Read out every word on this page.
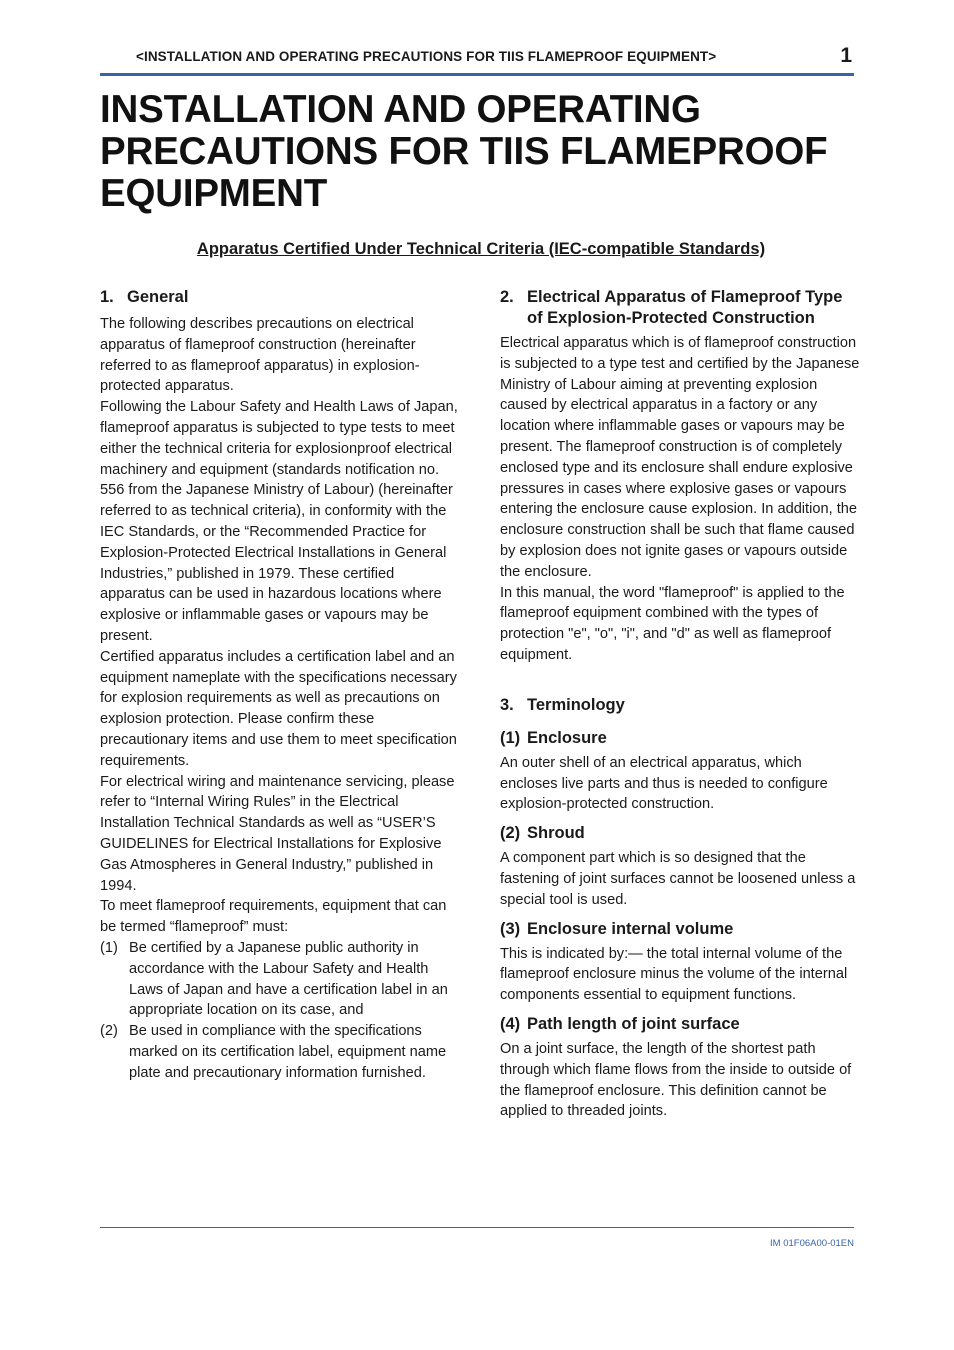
<INSTALLATION AND OPERATING PRECAUTIONS FOR TIIS FLAMEPROOF EQUIPMENT>	1
INSTALLATION AND OPERATING PRECAUTIONS FOR TIIS FLAMEPROOF EQUIPMENT
Apparatus Certified Under Technical Criteria (IEC-compatible Standards)
1. General

The following describes precautions on electrical apparatus of flameproof construction (hereinafter referred to as flameproof apparatus) in explosion-protected apparatus.

Following the Labour Safety and Health Laws of Japan, flameproof apparatus is subjected to type tests to meet either the technical criteria for explosionproof electrical machinery and equipment (standards notification no. 556 from the Japanese Ministry of Labour) (hereinafter referred to as technical criteria), in conformity with the IEC Standards, or the “Recommended Practice for Explosion-Protected Electrical Installations in General Industries,” published in 1979. These certified apparatus can be used in hazardous locations where explosive or inflammable gases or vapours may be present.

Certified apparatus includes a certification label and an equipment nameplate with the specifications necessary for explosion requirements as well as precautions on explosion protection. Please confirm these precautionary items and use them to meet specification requirements.

For electrical wiring and maintenance servicing, please refer to “Internal Wiring Rules” in the Electrical Installation Technical Standards as well as “USER’S GUIDELINES for Electrical Installations for Explosive Gas Atmospheres in General Industry,” published in 1994.

To meet flameproof requirements, equipment that can be termed “flameproof” must:

(1) Be certified by a Japanese public authority in accordance with the Labour Safety and Health Laws of Japan and have a certification label in an appropriate location on its case, and
(2) Be used in compliance with the specifications marked on its certification label, equipment name plate and precautionary information furnished.
2. Electrical Apparatus of Flameproof Type of Explosion-Protected Construction

Electrical apparatus which is of flameproof construction is subjected to a type test and certified by the Japanese Ministry of Labour aiming at preventing explosion caused by electrical apparatus in a factory or any location where inflammable gases or vapours may be present. The flameproof construction is of completely enclosed type and its enclosure shall endure explosive pressures in cases where explosive gases or vapours entering the enclosure cause explosion. In addition, the enclosure construction shall be such that flame caused by explosion does not ignite gases or vapours outside the enclosure.

In this manual, the word "flameproof" is applied to the flameproof equipment combined with the types of protection "e", "o", "i", and "d" as well as flameproof equipment.

3. Terminology
(1) Enclosure

An outer shell of an electrical apparatus, which encloses live parts and thus is needed to configure explosion-protected construction.

(2) Shroud

A component part which is so designed that the fastening of joint surfaces cannot be loosened unless a special tool is used.

(3) Enclosure internal volume

This is indicated by:— the total internal volume of the flameproof enclosure minus the volume of the internal components essential to equipment functions.

(4) Path length of joint surface

On a joint surface, the length of the shortest path through which flame flows from the inside to outside of the flameproof enclosure. This definition cannot be applied to threaded joints.

IM 01F06A00-01EN
